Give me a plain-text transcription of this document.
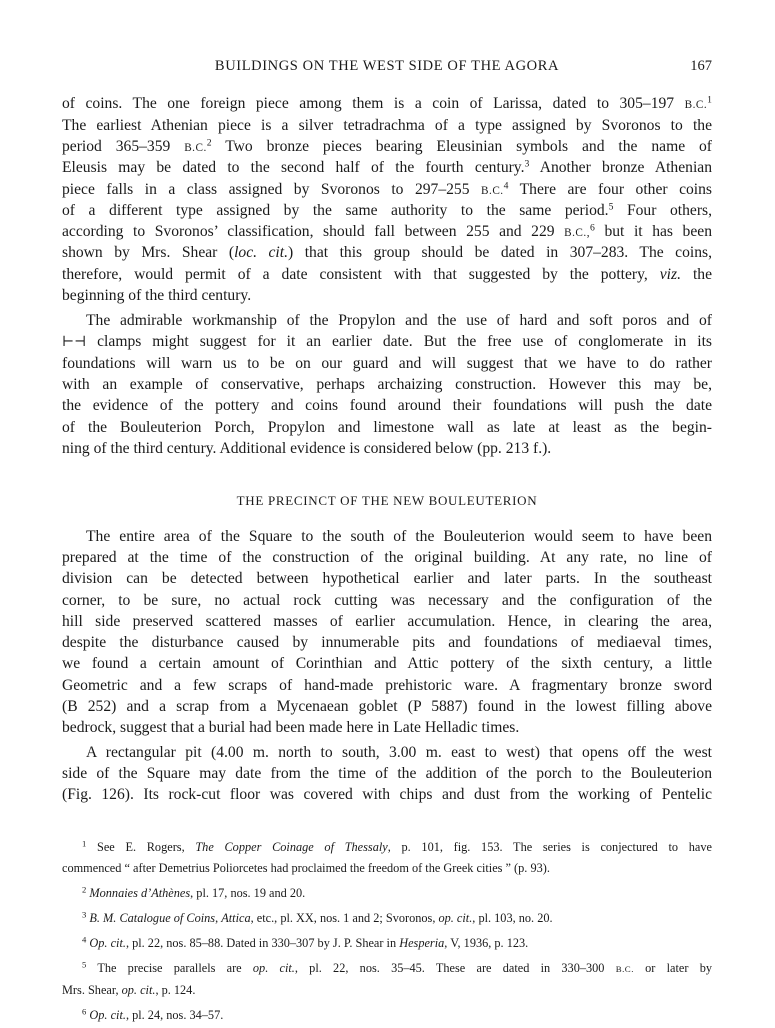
BUILDINGS ON THE WEST SIDE OF THE AGORA	167
of coins. The one foreign piece among them is a coin of Larissa, dated to 305–197 B.C.$^1$
The earliest Athenian piece is a silver tetradrachma of a type assigned by Svoronos to the
period 365–359 B.C.$^2$ Two bronze pieces bearing Eleusinian symbols and the name of
Eleusis may be dated to the second half of the fourth century.$^3$ Another bronze Athenian
piece falls in a class assigned by Svoronos to 297–255 B.C.$^4$ There are four other coins
of a different type assigned by the same authority to the same period.$^5$ Four others,
according to Svoronos’ classification, should fall between 255 and 229 B.C.,$^6$ but it has been
shown by Mrs. Shear (loc. cit.) that this group should be dated in 307–283. The coins,
therefore, would permit of a date consistent with that suggested by the pottery, viz. the
beginning of the third century.
The admirable workmanship of the Propylon and the use of hard and soft poros and of
⊢⊣ clamps might suggest for it an earlier date. But the free use of conglomerate in its
foundations will warn us to be on our guard and will suggest that we have to do rather
with an example of conservative, perhaps archaizing construction. However this may be,
the evidence of the pottery and coins found around their foundations will push the date
of the Bouleuterion Porch, Propylon and limestone wall as late at least as the begin-
ning of the third century. Additional evidence is considered below (pp. 213 f.).
THE PRECINCT OF THE NEW BOULEUTERION
The entire area of the Square to the south of the Bouleuterion would seem to have been
prepared at the time of the construction of the original building. At any rate, no line of
division can be detected between hypothetical earlier and later parts. In the southeast
corner, to be sure, no actual rock cutting was necessary and the configuration of the
hill side preserved scattered masses of earlier accumulation. Hence, in clearing the area,
despite the disturbance caused by innumerable pits and foundations of mediaeval times,
we found a certain amount of Corinthian and Attic pottery of the sixth century, a little
Geometric and a few scraps of hand-made prehistoric ware. A fragmentary bronze sword
(B 252) and a scrap from a Mycenaean goblet (P 5887) found in the lowest filling above
bedrock, suggest that a burial had been made here in Late Helladic times.
A rectangular pit (4.00 m. north to south, 3.00 m. east to west) that opens off the west
side of the Square may date from the time of the addition of the porch to the Bouleuterion
(Fig. 126). Its rock-cut floor was covered with chips and dust from the working of Pentelic
$^1$ See E. Rogers, The Copper Coinage of Thessaly, p. 101, fig. 153. The series is conjectured to have
commenced “ after Demetrius Poliorcetes had proclaimed the freedom of the Greek cities ” (p. 93).
$^2$ Monnaies d’Athènes, pl. 17, nos. 19 and 20.
$^3$ B. M. Catalogue of Coins, Attica, etc., pl. XX, nos. 1 and 2; Svoronos, op. cit., pl. 103, no. 20.
$^4$ Op. cit., pl. 22, nos. 85–88. Dated in 330–307 by J. P. Shear in Hesperia, V, 1936, p. 123.
$^5$ The precise parallels are op. cit., pl. 22, nos. 35–45. These are dated in 330–300 B.C. or later by
Mrs. Shear, op. cit., p. 124.
$^6$ Op. cit., pl. 24, nos. 34–57.
